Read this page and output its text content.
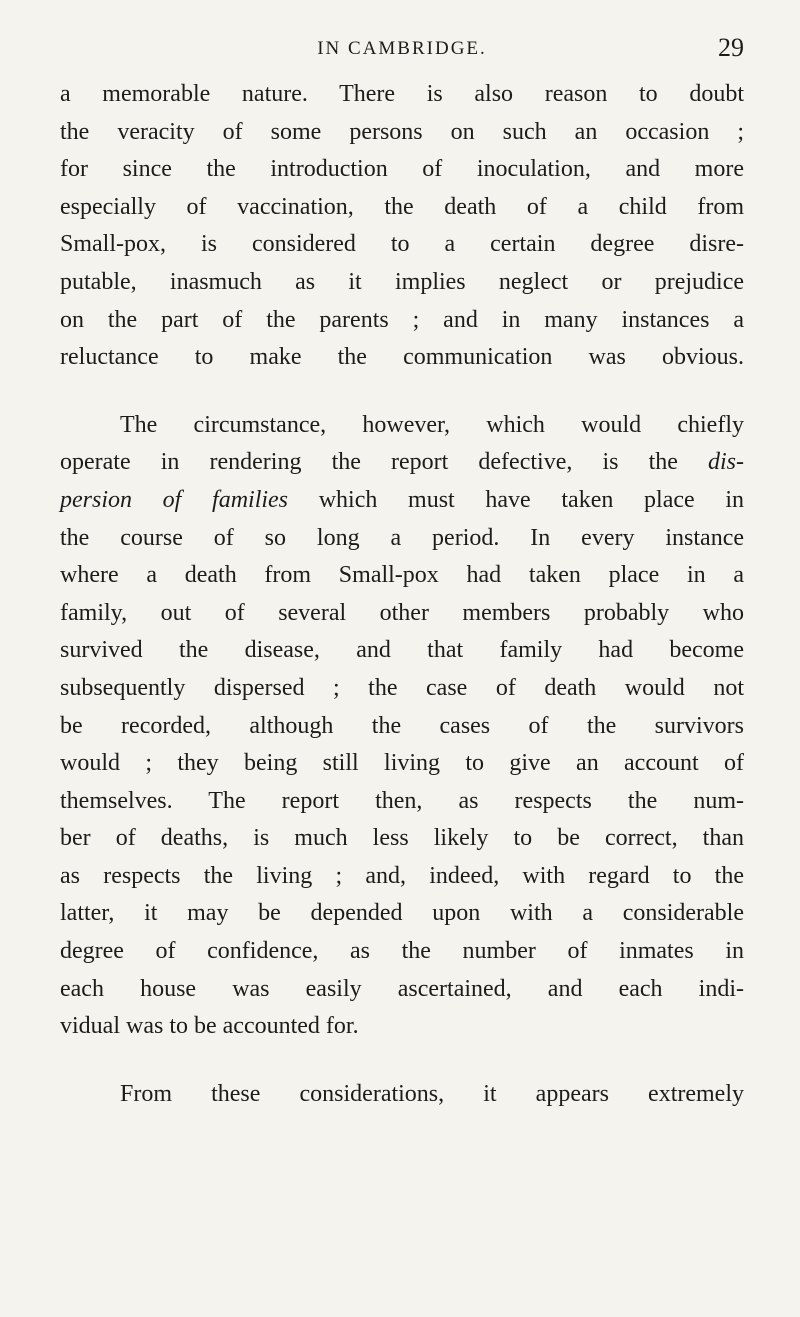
IN CAMBRIDGE.	29
a memorable nature. There is also reason to doubt
the veracity of some persons on such an occasion ;
for since the introduction of inoculation, and more
especially of vaccination, the death of a child from
Small-pox, is considered to a certain degree disre-
putable, inasmuch as it implies neglect or prejudice
on the part of the parents ; and in many instances a
reluctance to make the communication was obvious.
The circumstance, however, which would chiefly
operate in rendering the report defective, is the dis-
persion of families which must have taken place in
the course of so long a period. In every instance
where a death from Small-pox had taken place in a
family, out of several other members probably who
survived the disease, and that family had become
subsequently dispersed ; the case of death would not
be recorded, although the cases of the survivors
would ; they being still living to give an account of
themselves. The report then, as respects the num-
ber of deaths, is much less likely to be correct, than
as respects the living ; and, indeed, with regard to the
latter, it may be depended upon with a considerable
degree of confidence, as the number of inmates in
each house was easily ascertained, and each indi-
vidual was to be accounted for.
From these considerations, it appears extremely
